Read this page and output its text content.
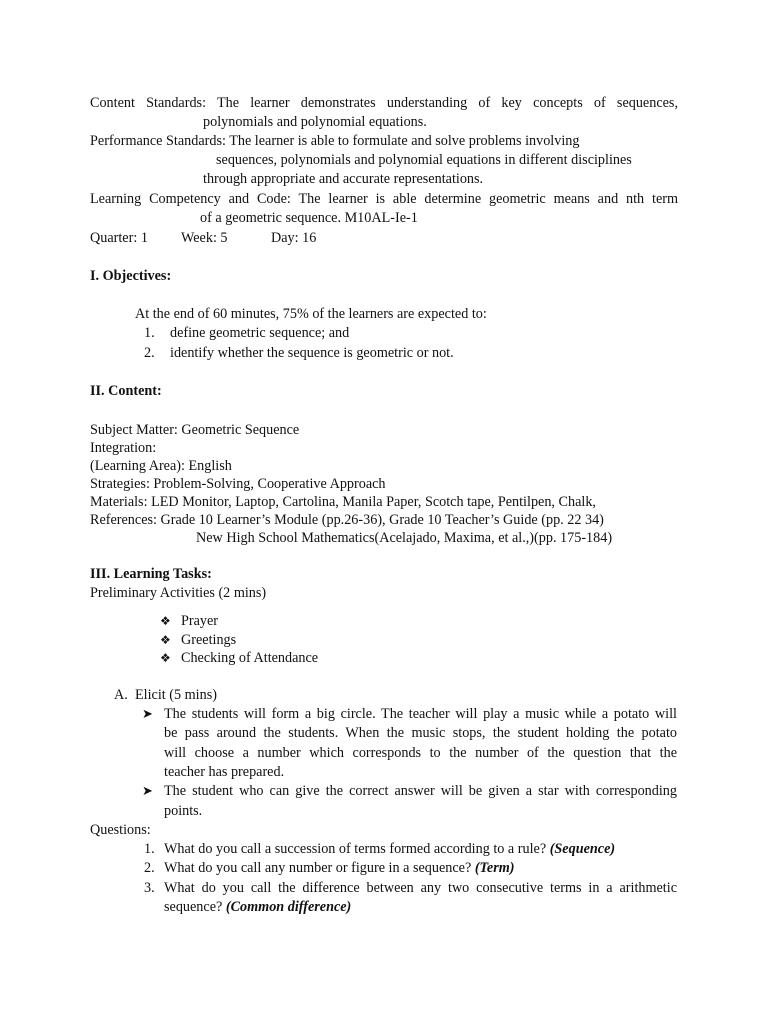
Content Standards: The learner demonstrates understanding of key concepts of sequences,
polynomials and polynomial equations.
Performance Standards: The learner is able to formulate and solve problems involving
sequences, polynomials and polynomial equations in different disciplines
through appropriate and accurate representations.
Learning Competency and Code: The learner is able determine geometric means and nth term
of a geometric sequence. M10AL-Ie-1
Quarter: 1 Week: 5	Day: 16
I. Objectives:
At the end of 60 minutes, 75% of the learners are expected to:
1. define geometric sequence; and
2. identify whether the sequence is geometric or not.
II. Content:
Subject Matter: Geometric Sequence
Integration:
(Learning Area): English
Strategies: Problem-Solving, Cooperative Approach
Materials: LED Monitor, Laptop, Cartolina, Manila Paper, Scotch tape, Pentilpen, Chalk,
References: Grade 10 Learner’s Module (pp.26-36), Grade 10 Teacher’s Guide (pp. 22 34)
New High School Mathematics(Acelajado, Maxima, et al.,)(pp. 175-184)
III. Learning Tasks:
Preliminary Activities (2 mins)
❖ Prayer
❖ Greetings
❖ Checking of Attendance
A. Elicit (5 mins)
➤ The students will form a big circle. The teacher will play a music while a potato will
be pass around the students. When the music stops, the student holding the potato
will choose a number which corresponds to the number of the question that the
teacher has prepared.
➤ The student who can give the correct answer will be given a star with corresponding
points.
Questions:
1. What do you call a succession of terms formed according to a rule? (Sequence)
2. What do you call any number or figure in a sequence? (Term)
3. What do you call the difference between any two consecutive terms in a arithmetic
sequence? (Common difference)
